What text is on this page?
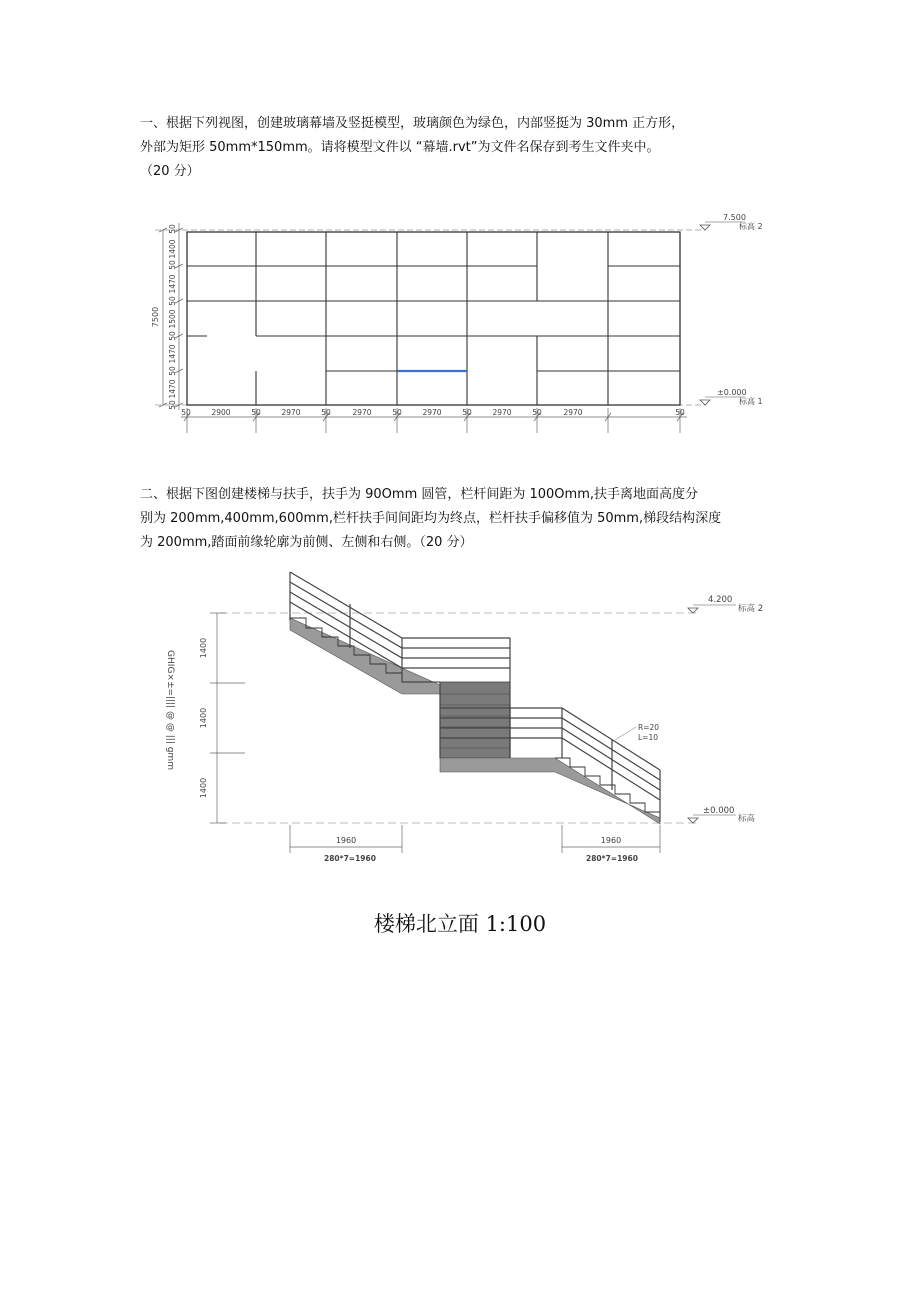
一、根据下列视图，创建玻璃幕墙及竖挺模型，玻璃颜色为绿色，内部竖挺为 30mm 正方形，
外部为矩形 50mm*150mm。请将模型文件以 “幕墙.rvt”为文件名保存到考生文件夹中。
（20 分）
7.500
标高 2
±0.000
标高 1
7500
50
1400
50
1470
50
1500
50
1470
50
1470
50
50	2900	50	2970	50	2970	50	2970	50	2970	50	2970	50
二、根据下图创建楼梯与扶手，扶手为 90Omm 圆管，栏杆间距为 100Omm,扶手离地面高度分
别为 200mm,400mm,600mm,栏杆扶手间间距均为终点，栏杆扶手偏移值为 50mm,梯段结构深度
为 200mm,踏面前缘轮廓为前侧、左侧和右侧。（20 分）
4.200
标高 2
±0.000
标高
1400
1400
1400
GHIG×±=|||| @ @ ||| gmm	R=20
L=10
1960
280*7=1960
1960
280*7=1960
楼梯北立面 1:100
